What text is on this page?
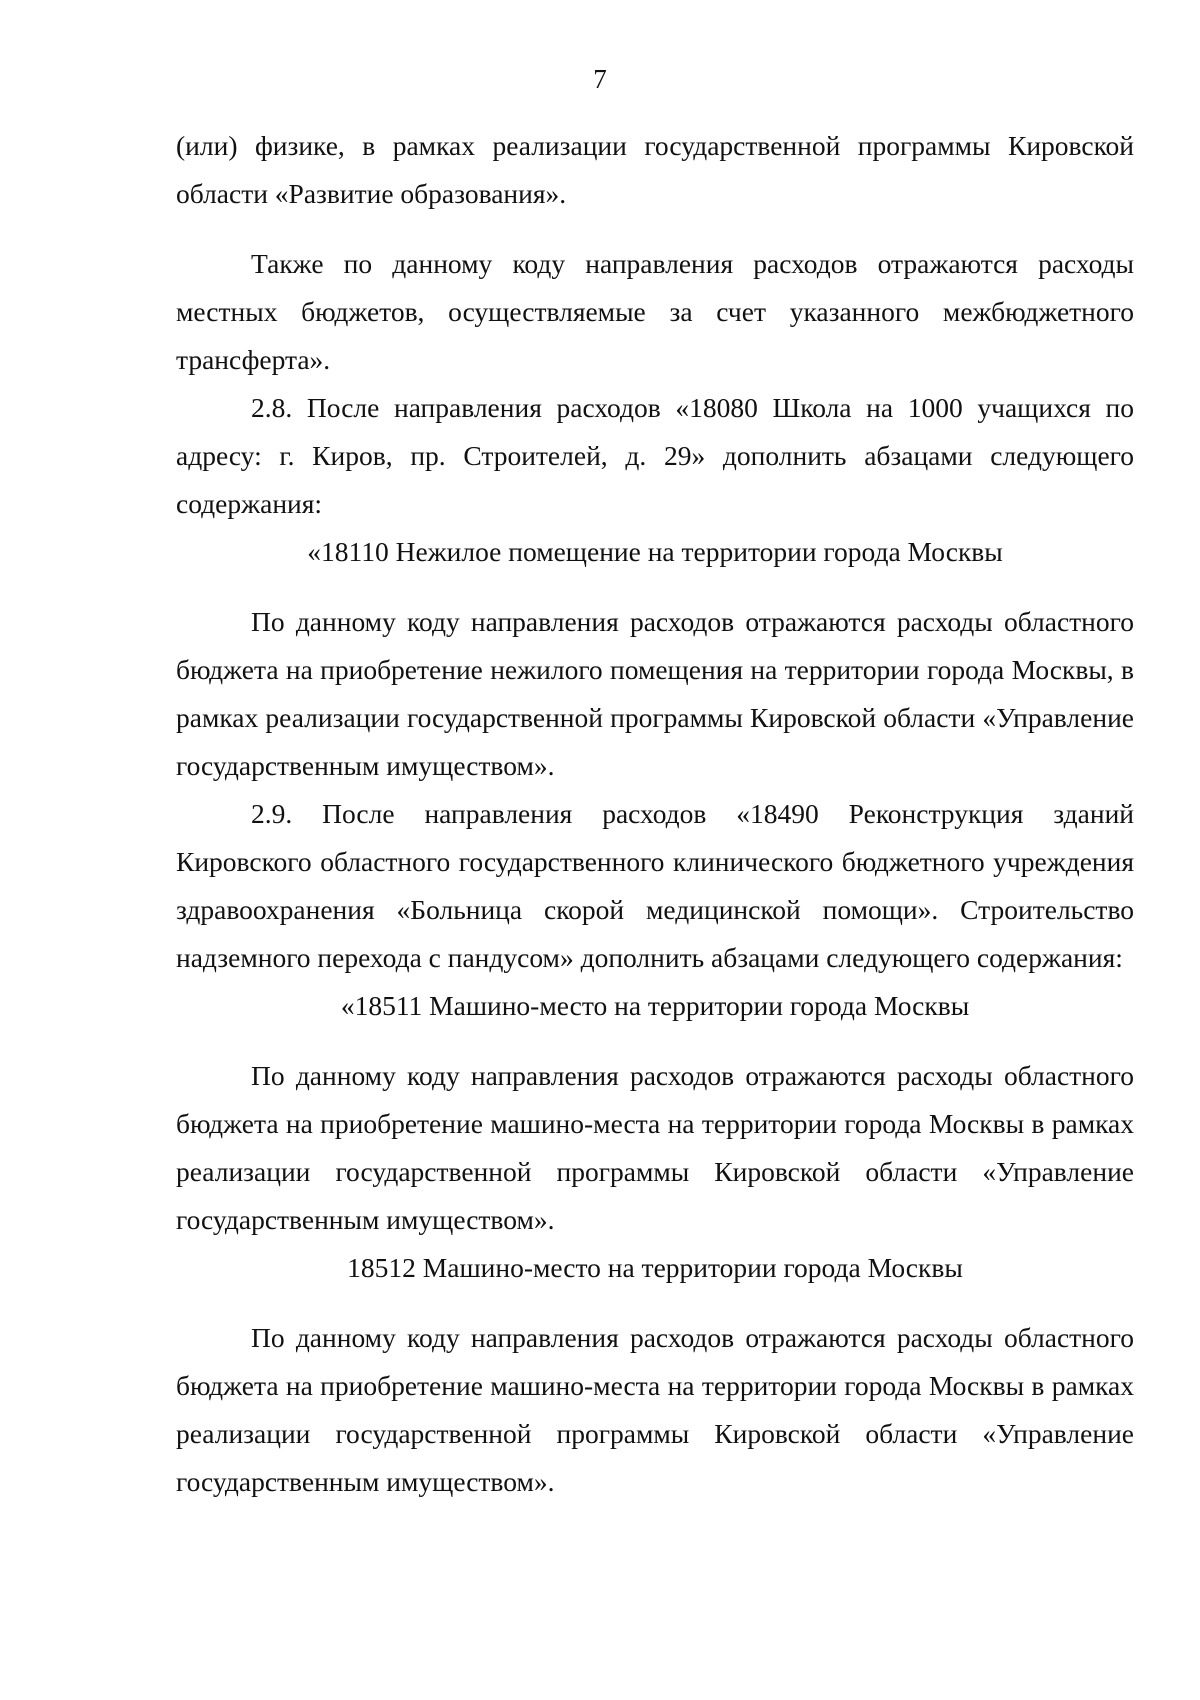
7

(или) физике, в рамках реализации государственной программы Кировской области «Развитие образования».

Также по данному коду направления расходов отражаются расходы местных бюджетов, осуществляемые за счет указанного межбюджетного трансферта».

2.8. После направления расходов «18080 Школа на 1000 учащихся по адресу: г. Киров, пр. Строителей, д. 29» дополнить абзацами следующего содержания:

«18110 Нежилое помещение на территории города Москвы

По данному коду направления расходов отражаются расходы областного бюджета на приобретение нежилого помещения на территории города Москвы, в рамках реализации государственной программы Кировской области «Управление государственным имуществом».

2.9. После направления расходов «18490 Реконструкция зданий Кировского областного государственного клинического бюджетного учреждения здравоохранения «Больница скорой медицинской помощи». Строительство надземного перехода с пандусом» дополнить абзацами следующего содержания:

«18511 Машино-место на территории города Москвы

По данному коду направления расходов отражаются расходы областного бюджета на приобретение машино-места на территории города Москвы в рамках реализации государственной программы Кировской области «Управление государственным имуществом».

18512 Машино-место на территории города Москвы

По данному коду направления расходов отражаются расходы областного бюджета на приобретение машино-места на территории города Москвы в рамках реализации государственной программы Кировской области «Управление государственным имуществом».
